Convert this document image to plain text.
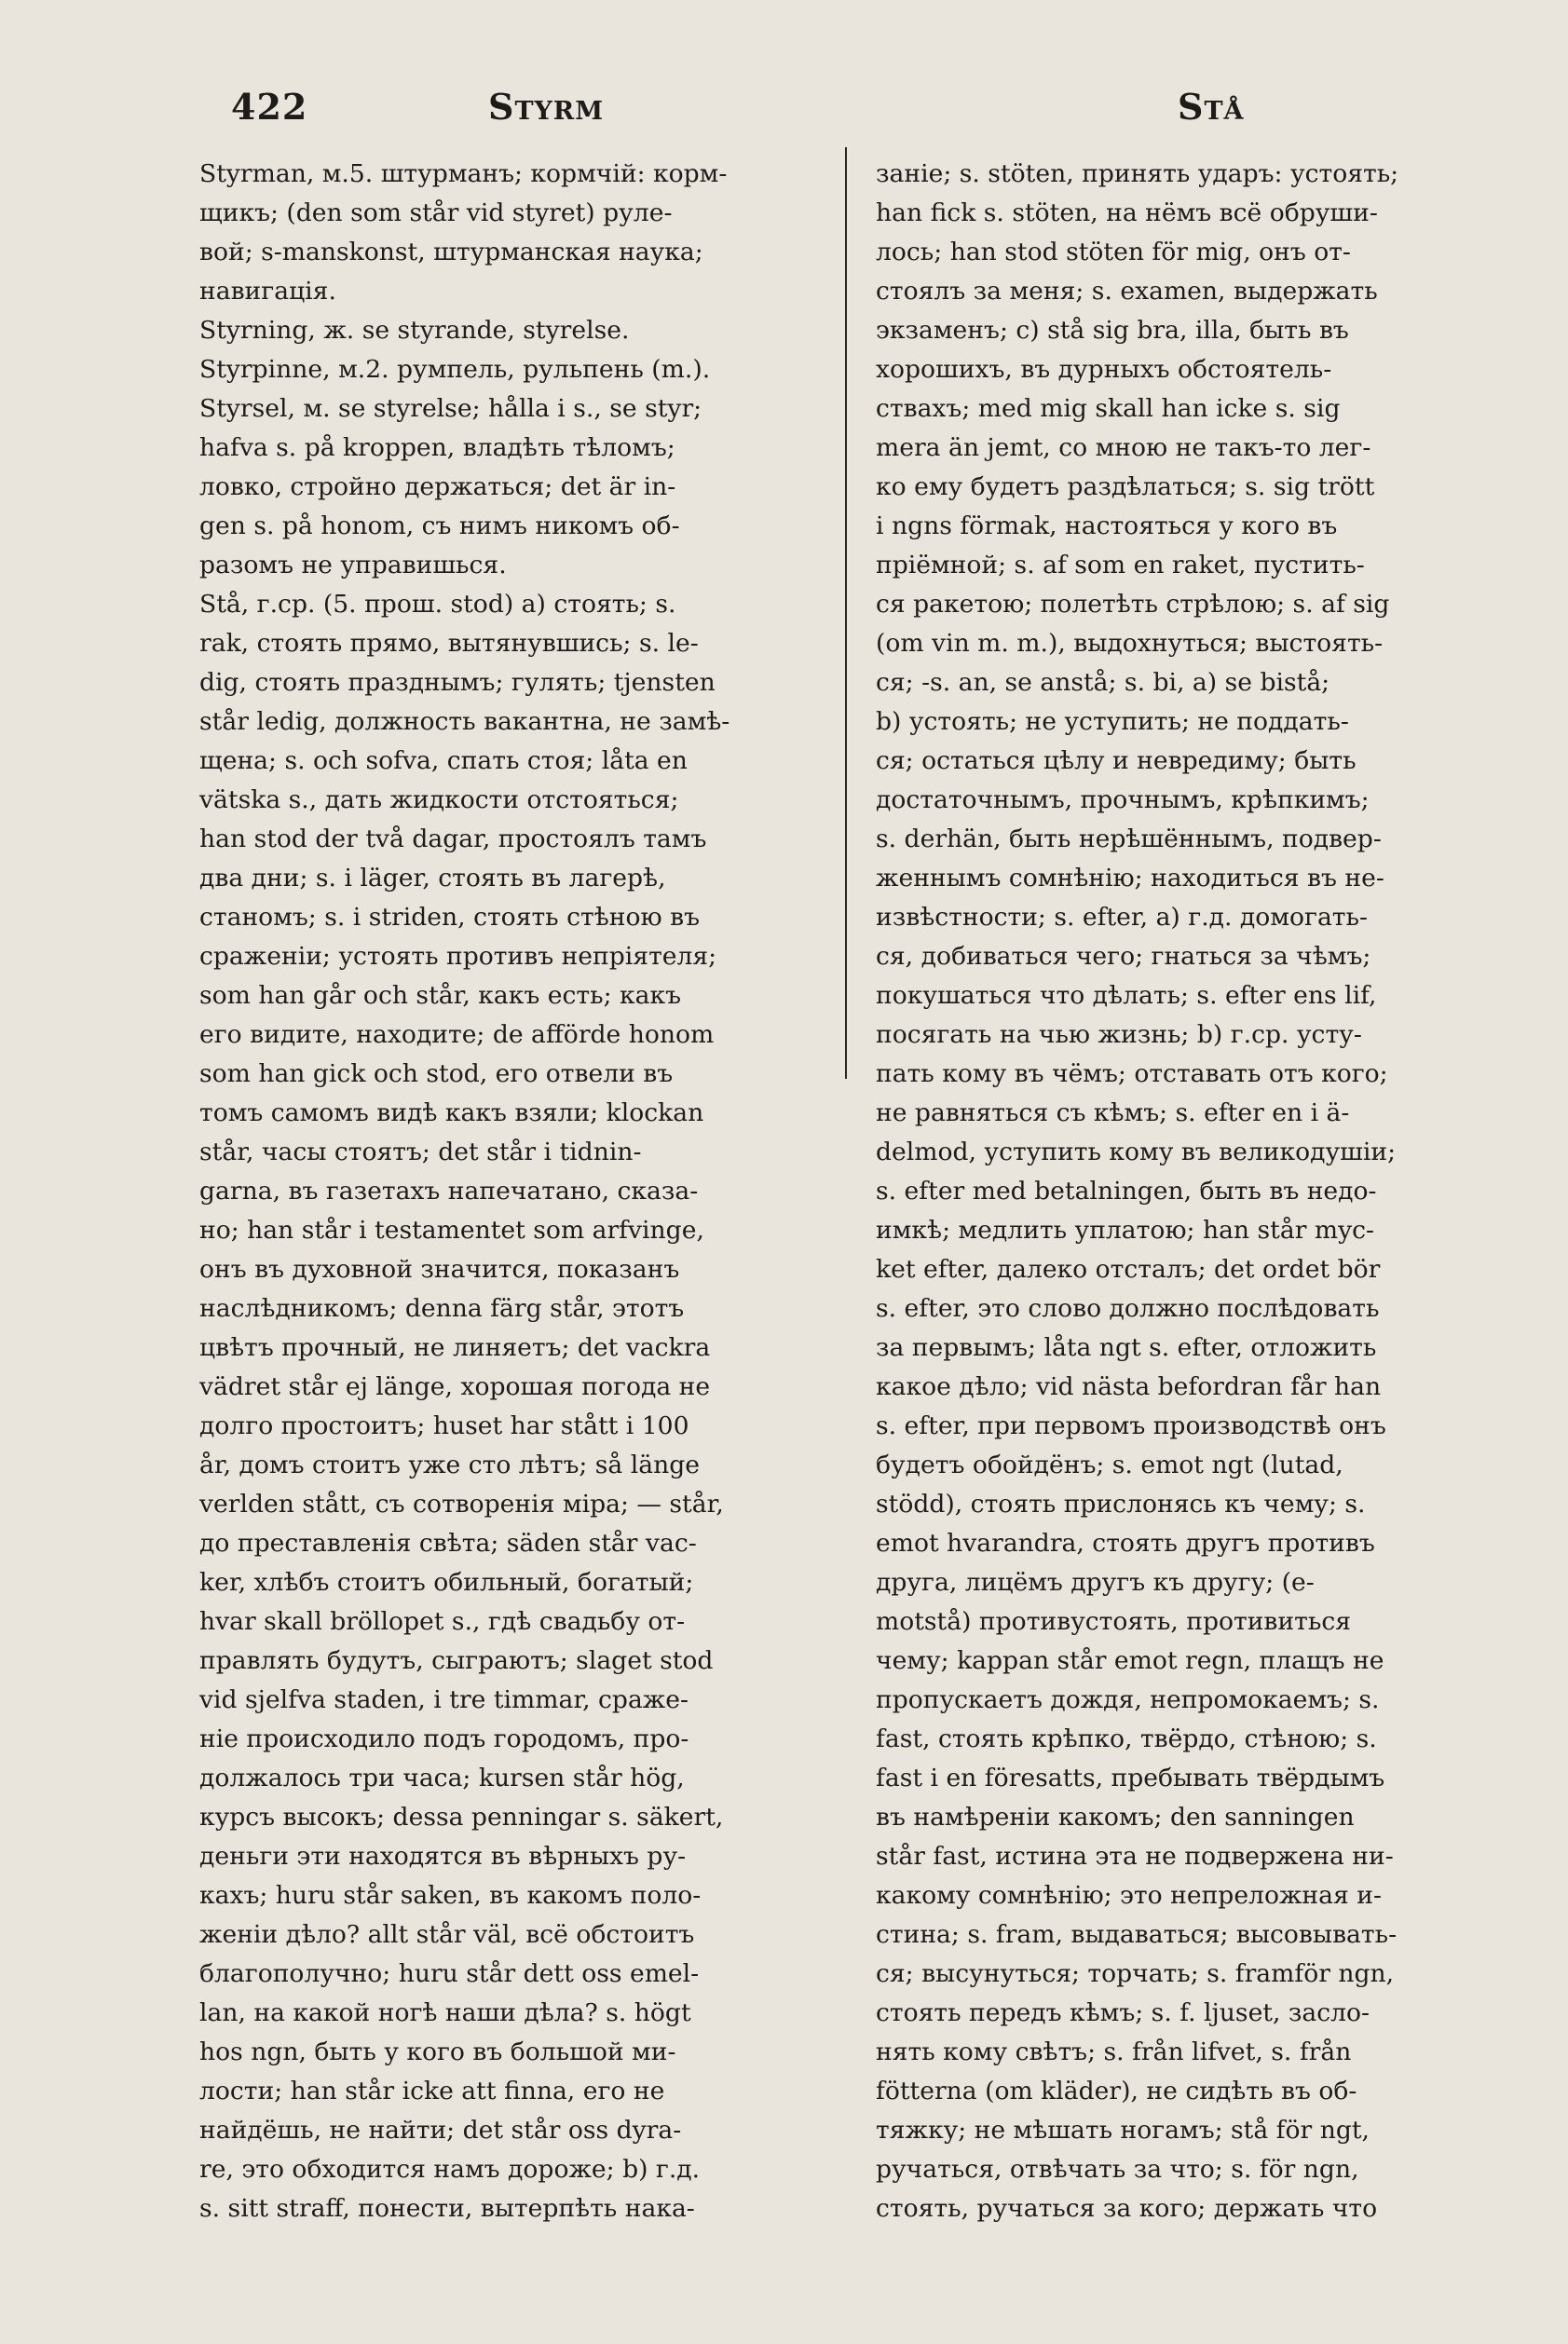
422	Styrm	Stå
Styrman, м.5. штурманъ; кормчій: корм-
щикъ; (den som står vid styret) руле-
вой; s-manskonst, штурманская наука;
навигація.
Styrning, ж. se styrande, styrelse.
Styrpinne, м.2. румпель, рульпень (m.).
Styrsel, м. se styrelse; hålla i s., se styr;
hafva s. på kroppen, владѣть тѣломъ;
ловко, стройно держаться; det är in-
gen s. på honom, съ нимъ никомъ об-
разомъ не управишься.
Stå, г.ср. (5. прош. stod) а) стоять; s.
rak, стоять прямо, вытянувшись; s. le-
dig, стоять празднымъ; гулять; tjensten
står ledig, должность вакантна, не замѣ-
щена; s. och sofva, спать стоя; låta en
vätska s., дать жидкости отстояться;
han stod der två dagar, простоялъ тамъ
два дни; s. i läger, стоять въ лагерѣ,
станомъ; s. i striden, стоять стѣною въ
сраженіи; устоять противъ непріятеля;
som han går och står, какъ есть; какъ
его видите, находите; de afförde honom
som han gick och stod, его отвели въ
томъ самомъ видѣ какъ взяли; klockan
står, часы стоятъ; det står i tidnin-
garna, въ газетахъ напечатано, сказа-
но; han står i testamentet som arfvinge,
онъ въ духовной значится, показанъ
наслѣдникомъ; denna färg står, этотъ
цвѣтъ прочный, не линяетъ; det vackra
vädret står ej länge, хорошая погода не
долго простоитъ; huset har stått i 100
år, домъ стоитъ уже сто лѣтъ; så länge
verlden stått, съ сотворенія міра; — står,
до преставленія свѣта; säden står vac-
ker, хлѣбъ стоитъ обильный, богатый;
hvar skall bröllopet s., гдѣ свадьбу от-
правлять будутъ, сыграютъ; slaget stod
vid sjelfva staden, i tre timmar, сраже-
ніе происходило подъ городомъ, про-
должалось три часа; kursen står hög,
курсъ высокъ; dessa penningar s. säkert,
деньги эти находятся въ вѣрныхъ ру-
кахъ; huru står saken, въ какомъ поло-
женіи дѣло? allt står väl, всё обстоитъ
благополучно; huru står dett oss emel-
lan, на какой ногѣ наши дѣла? s. högt
hos ngn, быть у кого въ большой ми-
лости; han står icke att finna, его не
найдёшь, не найти; det står oss dyra-
re, это обходится намъ дороже; b) г.д.
s. sitt straff, понести, вытерпѣть нака-
заніе; s. stöten, принять ударъ: устоять;
han fick s. stöten, на нёмъ всё обруши-
лось; han stod stöten för mig, онъ от-
стоялъ за меня; s. examen, выдержать
экзаменъ; c) stå sig bra, illa, быть въ
хорошихъ, въ дурныхъ обстоятель-
ствахъ; med mig skall han icke s. sig
mera än jemt, со мною не такъ-то лег-
ко ему будетъ раздѣлаться; s. sig trött
i ngns förmak, настояться у кого въ
пріёмной; s. af som en raket, пустить-
ся ракетою; полетѣть стрѣлою; s. af sig
(om vin m. m.), выдохнуться; выстоять-
ся; -s. an, se anstå; s. bi, a) se bistå;
b) устоять; не уступить; не поддать-
ся; остаться цѣлу и невредиму; быть
достаточнымъ, прочнымъ, крѣпкимъ;
s. derhän, быть нерѣшённымъ, подвер-
женнымъ сомнѣнію; находиться въ не-
извѣстности; s. efter, а) г.д. домогать-
ся, добиваться чего; гнаться за чѣмъ;
покушаться что дѣлать; s. efter ens lif,
посягать на чью жизнь; b) г.ср. усту-
пать кому въ чёмъ; отставать отъ кого;
не равняться съ кѣмъ; s. efter en i ä-
delmod, уступить кому въ великодушіи;
s. efter med betalningen, быть въ недо-
имкѣ; медлить уплатою; han står myc-
ket efter, далеко отсталъ; det ordet bör
s. efter, это слово должно послѣдовать
за первымъ; låta ngt s. efter, отложить
какое дѣло; vid nästa befordran får han
s. efter, при первомъ производствѣ онъ
будетъ обойдёнъ; s. emot ngt (lutad,
stödd), стоять прислонясь къ чему; s.
emot hvarandra, стоять другъ противъ
друга, лицёмъ другъ къ другу; (e-
motstå) противустоять, противиться
чему; kappan står emot regn, плащъ не
пропускаетъ дождя, непромокаемъ; s.
fast, стоять крѣпко, твёрдо, стѣною; s.
fast i en föresatts, пребывать твёрдымъ
въ намѣреніи какомъ; den sanningen
står fast, истина эта не подвержена ни-
какому сомнѣнію; это непреложная и-
стина; s. fram, выдаваться; высовывать-
ся; высунуться; торчать; s. framför ngn,
стоять передъ кѣмъ; s. f. ljuset, засло-
нять кому свѣтъ; s. från lifvet, s. från
fötterna (om kläder), не сидѣть въ об-
тяжку; не мѣшать ногамъ; stå för ngt,
ручаться, отвѣчать за что; s. för ngn,
стоять, ручаться за кого; держать что
